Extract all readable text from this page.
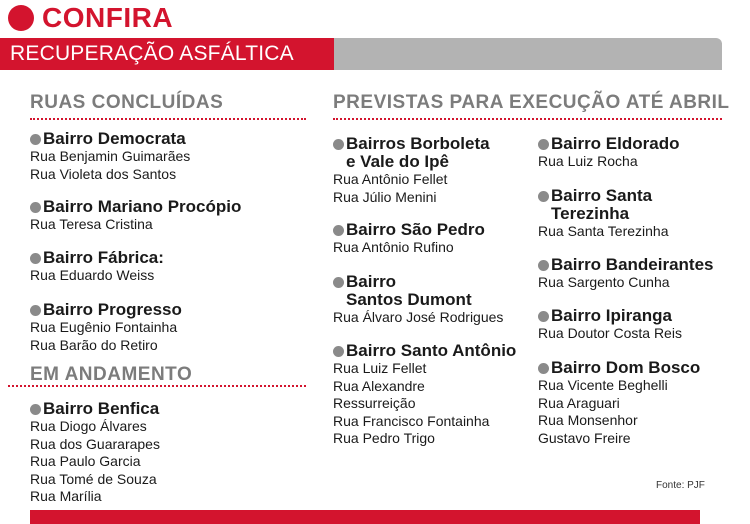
CONFIRA
RECUPERAÇÃO ASFÁLTICA
RUAS CONCLUÍDAS
Bairro Democrata
Rua Benjamin Guimarães
Rua Violeta dos Santos
Bairro Mariano Procópio
Rua Teresa Cristina
Bairro Fábrica:
Rua Eduardo Weiss
Bairro Progresso
Rua Eugênio Fontainha
Rua Barão do Retiro
EM ANDAMENTO
Bairro Benfica
Rua Diogo Álvares
Rua dos Guararapes
Rua Paulo Garcia
Rua Tomé de Souza
Rua Marília
PREVISTAS PARA EXECUÇÃO ATÉ ABRIL
Bairros Borboleta
e Vale do Ipê
Rua Antônio Fellet
Rua Júlio Menini
Bairro São Pedro
Rua Antônio Rufino
Bairro
Santos Dumont
Rua Álvaro José Rodrigues
Bairro Santo Antônio
Rua Luiz Fellet
Rua Alexandre
Ressurreição
Rua Francisco Fontainha
Rua Pedro Trigo
Bairro Eldorado
Rua Luiz Rocha
Bairro Santa
Terezinha
Rua Santa Terezinha
Bairro Bandeirantes
Rua Sargento Cunha
Bairro Ipiranga
Rua Doutor Costa Reis
Bairro Dom Bosco
Rua Vicente Beghelli
Rua Araguari
Rua Monsenhor
Gustavo Freire
Fonte: PJF
